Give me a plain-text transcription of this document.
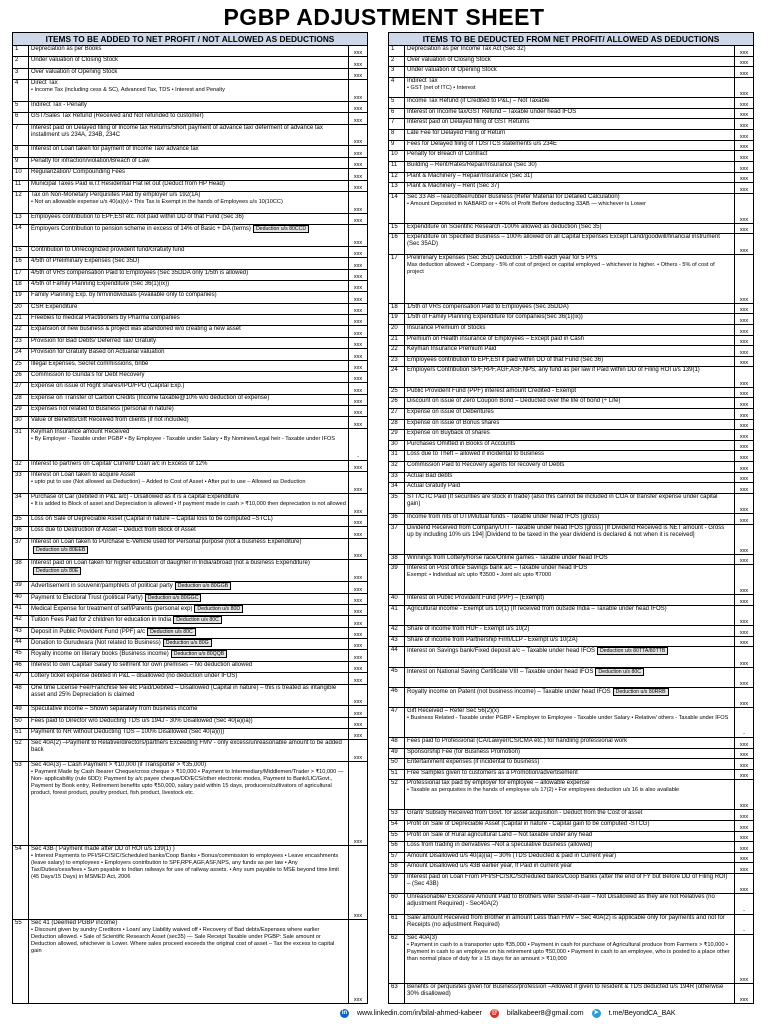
PGBP ADJUSTMENT SHEET
ITEMS TO BE ADDED TO NET PROFIT / NOT ALLOWED AS DEDUCTIONS
1	Depreciation as per Books
xxx
2	Under valuation of Closing Stock
xxx
3	Over valuation of Opening Stock
xxx
4	Direct Tax
• Income Tax (including cess & SC), Advanced Tax, TDS • Interest and Penalty
xxx
5	Indirect Tax - Penalty
xxx
6	GST/Sales Tax Refund (Received and Not refunded to customer)
xxx
7	Interest paid on Delayed filing of Income tax Returns/Short payment of advance tax/ deferment of advance tax installment u/s 234A, 234B, 234C
xxx
8	Interest on Loan taken for payment of Income Tax/ advance tax
xxx
9	Penalty for infraction/violation/Breach of Law
xxx
10	Regularization/ Compounding Fees
xxx
11	Municipal Taxes Paid w.r.t Residential Flat let out (Deduct from HP Head)
xxx
12	Tax on Non-Monetary Perquisites Paid by employer u/s 192(1A)
• Not an allowable expense u/s 40(a)(v) • This Tax is Exempt in the hands of Employees u/s 10(10CC)
xxx
13	Employees contribution to EPF,ESI etc. not paid within DD of that Fund (Sec 36)
xxx
14	Employers Contribution to pension scheme in excess of 14% of Basic + DA (terms) Deduction u/s 80CCD
xxx
15	Contribution to Unrecognized provident fund/Gratuity fund
xxx
16	4/5th of Preliminary Expenses (Sec 35D)
xxx
17	4/5th of VRS compensation Paid to Employees (Sec 35DDA only 1/5th is allowed)
xxx
18	4/5th of Family Planning Expenditure (Sec 36(1)(ix))
xxx
19	Family Planning Exp. by firm/individuals (Available only to companies)
xxx
20	CSR Expenditure
xxx
21	Freebies to medical Practitioners by Pharma companies
xxx
22	Expansion of new business & project was abandoned w/o creating a new asset
xxx
23	Provision for Bad Debts/ Deferred Tax/ Gratuity
xxx
24	Provision for Gratuity Based on Actuarial valuation
xxx
25	Illegal Expenses, Secret commissions, bribe
xxx
26	Commission to Gunda's for Debt Recovery
xxx
27	Expense on issue of Right shares/IPO/FPO (Capital Exp.)
xxx
28	Expense on Transfer of Carbon Credits (Income taxable@10% w/o deduction of expense)
xxx
29	Expenses not related to Business (personal in nature)
xxx
30	Value of Benefits/Gift Received from clients (if not included)
xxx
31	Keyman Insurance amount Received
• By Employer - Taxable under PGBP • By Employee - Taxable under Salary • By Nominee/Legal heir - Taxable under IFOS
-
32	Interest to partners on Capital/ Current/ Loan a/c in Excess of 12%
xxx
33	Interest on Loan taken to acquire Asset
• upto put to use (Not allowed as Deduction) – Added to Cost of Asset • After put to use – Allowed as Deduction
xxx
34	Purchase of Car (debited in P&L a/c) - Disallowed as it is a capital Expenditure
• It is added to Block of asset and Depreciation is allowed • If payment made in cash > ₹10,000 then depreciation is not allowed
xxx
35	Loss on Sale of Depreciable Asset (Capital in nature – Capital loss to be computed –STCL)
xxx
36	Loss due to Destruction of Asset – Deduct from Block of Asset
xxx
37	Interest on Loan taken to Purchase E-Vehicle used for Personal purpose (not a business Expenditure)Deduction u/s 80EEB
xxx
38	Interest paid on Loan taken for higher education of daughter in India/abroad (not a business Expenditure)Deduction u/s 80E
xxx
39	Advertisement in souvenir/pamphlets of political party Deduction u/s 80GGB
xxx
40	Payment to Electoral Trust (political Party) Deduction u/s 80GGC
xxx
41	Medical Expense for treatment of self/Parents (personal exp) Deduction u/s 80D
xxx
42	Tuition Fees Paid for 2 children for education in India Deduction u/s 80C
xxx
43	Deposit in Public Provident Fund (PPF) a/c Deduction u/s 80C
xxx
44	Donation to Gurudwara (Not related to Business) Deduction u/s 80G
xxx
45	Royalty income on literary books (Business income) Deduction u/s 80QQB
xxx
46	Interest to own Capital/ Salary to self/rent for own premises – No deduction allowed
xxx
47	Lottery ticket expense debited in P&L – disallowed (no deduction under IFOS)
xxx
48	One time License Fee/Franchise fee etc Paid/Debited – Disallowed (Capital in nature) – this is treated as intangible asset and 25% Depreciation is claimed
xxx
49	Speculative income – Shown separately from business income
xxx
50	Fees paid to Director w/o Deducting TDS u/s 194J - 30% Disallowed (Sec 40(a)(ia))
xxx
51	Payment to NR without Deducting TDS – 100% Disallowed (Sec 40(a)(i))
xxx
52	Sec 40A(2) –Payment to Relative/directors/partners Exceeding FMV - only excess/unreasonable amount to be added back
xxx
53	Sec 40A(3) – Cash Payment > ₹10,000 (if Transporter > ₹35,000)
• Payment Made by Cash /bearer Cheque/cross cheque > ₹10,000 • Payment to Intermediary/Middlemen/Trader > ₹10,000 — Non- applicability (rule 6DD): Payment by a/c payee cheque/DD/ECS/other electronic modes, Payment to Bank/LIC/Govt., Payment by Book entry, Retirement benefits upto ₹50,000, salary paid within 15 days, producers/cultivators of agricultural product, forest product, poultry product, fish product, livestock etc.
xxx
54	Sec 43B ( Payment made after DD of ROI u/s 139(1) )
• Interest Payments to PFI/SFC/SIC/Scheduled banks/Coop Banks • Bonus/commission to employees • Leave encashments (leave salary) to employees • Employers contribution to SPF,RPF,AGF,ASF,NPS, any funds as per law • Any Tax/Duties/cess/fees • Sum payable to Indian railways for use of railway assets. • Any sum payable to MSE beyond time limit (45 Days/15 Days) in MSMED Act, 2006
xxx
55	Sec 41 (Deemed PGBP income)
• Discount given by sundry Creditors • Loan/ any Liability waived off • Recovery of Bad debts/Expenses where earlier Deduction allowed. • Sale of Scientific Research Asset (sec35) — Sale Receipt Taxable under PGBP: Sale amount or Deduction allowed, whichever is Lower. Where sales proceed exceeds the original cost of asset – Tax the excess to capital gain
xxx
ITEMS TO BE DEDUCTED FROM NET PROFIT/ ALLOWED AS DEDUCTIONS
1	Depreciation as per Income Tax Act (Sec 32)
xxx
2	Over valuation of Closing Stock
xxx
3	Under valuation of Opening Stock
xxx
4	Indirect Tax
• GST (net of ITC) • Interest
xxx
5	Income Tax Refund (if Credited to P&L) – Not Taxable
xxx
6	Interest on Income tax/GST Refund – Taxable under head IFOS
xxx
7	Interest paid on Delayed filing of GST Returns
xxx
8	Late Fee for Delayed Filing of Return
xxx
9	Fees for Delayed filing of TDS/TCS statements u/s 234E
xxx
10	Penalty for Breach of Contract
xxx
11	Building – Rent/Rates/Repair/Insurance (Sec 30)
xxx
12	Plant & Machinery – Repair/Insurance (Sec 31)
xxx
13	Plant & Machinery – Rent (Sec 37)
xxx
14	Sec 33 AB –Tea/coffee/rubber Business (Refer Material for Detailed Calculation)
• Amount Deposited in NABARD or • 40% of Profit Before deducting 33AB — whichever is Lower
xxx
15	Expenditure on Scientific Research -100% allowed as deduction (Sec 35)
xxx
16	Expenditure on Specified Business – 100% allowed on all Capital Expenses Except Land/goodwill/financial instrument (Sec 35AD)
xxx
17	Preliminary Expenses (Sec 35D) Deduction :- 1/5th each year for 5 PYs
Max deduction allowed: • Company - 5% of cost of project or capital employed – whichever is higher. • Others - 5% of cost of project
xxx
18	1/5th of VRS compensation Paid to Employees (Sec 35DDA)
xxx
19	1/5th of Family Planning Expenditure for companies(Sec 36(1)(ix))
xxx
20	Insurance Premium of Stocks
xxx
21	Premium on Health insurance of Employees – Except paid in Cash
xxx
22	Keyman Insurance Premium Paid
xxx
23	Employees contribution to EPF,ESI if paid within DD of that Fund (Sec 36)
xxx
24	Employers Contribution SPF,RPF,AGF,ASF,NPS, any fund as per law if Paid within DD of Filing ROI u/s 139(1)
xxx
25	Public Provident Fund (PPF) interest amount Credited - Exempt
xxx
26	Discount on issue of Zero Coupon Bond – Deducted over the life of bond (÷ Life)
xxx
27	Expense on issue of Debentures
xxx
28	Expense on issue of Bonus shares
xxx
29	Expense on Buyback of shares
xxx
30	Purchases Omitted in Books of Accounts
xxx
31	Loss due to Theft – allowed if incidental to business
xxx
32	Commission Paid to Recovery agents for recovery of Debts
xxx
33	Actual Bad debts
xxx
34	Actual Gratuity Paid
xxx
35	STT/CTC Paid (If securities are stock in trade) (also this cannot be included in COA or transfer expense under capital gain)
xxx
36	Income from nits of UTI/Mutual funds - Taxable under head IFOS (gross)
xxx
37	Dividend Received from Company/UTI - Taxable under head IFOS (gross) [If Dividend Received is NET amount - Gross up by including 10% u/s 194] [Dividend to be taxed in the year dividend is declared & not when it is received]
xxx
38	Winnings from Lottery/horse race/Online games - Taxable under head IFOS
xxx
39	Interest on Post office Savings bank a/c – Taxable under head IFOS
Exempt: • Individual a/c upto ₹3500 • Joint a/c upto ₹7000
xxx
40	Interest on Public Provident Fund (PPF) – (Exempt)
xxx
41	Agricultural income - Exempt u/s 10(1) (If received from outside India – Taxable under head IFOS)
xxx
42	Share of income from HUF - Exempt u/s 10(2)
xxx
43	Share of income from Partnership Firm/LLP - Exempt u/s 10(2A)
xxx
44	Interest on Savings bank/Fixed deposit a/c – Taxable under head IFOS Deduction u/s 80TTA/80TTB
xxx
45	Interest on National Saving Certificate VIII – Taxable under head IFOS Deduction u/s 80C
xxx
46	Royalty income on Patent (not business income) – Taxable under head IFOS Deduction u/s 80RRB
xxx
47	Gift Received – Refer Sec 56(2)(x)
• Business Related - Taxable under PGBP • Employer to Employee - Taxable under Salary • Relative/ others - Taxable under IFOS
-
48	Fees paid to Professional (CA/Lawyer/CS/CMA etc.) for handling professional work
xxx
49	Sponsorship Fee (for Business Promotion)
xxx
50	Entertainment expenses (if incidental to business)
xxx
51	Free Samples given to customers as a Promotion/advertisement
xxx
52	Professional tax paid by employer for employee – allowable expense
• Taxable as perquisites in the hands of employee u/s 17(2) • For employees deduction u/s 16 is also available
xxx
53	Grant/ Subsidy Received from Govt. for asset acquisition - Deduct from the Cost of asset
xxx
54	Profit on Sale of Depreciable Asset (Capital in nature - Capital gain to be computed -STCG)
xxx
55	Profit on Sale of Rural agricultural Land – Not taxable under any head
xxx
56	Loss from trading in derivatives –Not a speculative business (allowed)
xxx
57	Amount Disallowed u/s 40(a)(ia) – 30% (TDS Deducted & paid in Current year)
xxx
58	Amount Disallowed u/s 43B earlier year, If Paid in current year
xxx
59	Interest paid on Loan From PFI/SFC/SIC/Scheduled banks/Coop Banks (after the end of FY but Before DD of Filing ROI) – (Sec 43B)
xxx
60	Unreasonable/ Excessive Amount Paid to Brothers wife/ Sister-in-law – Not Disallowed as they are not Relatives (no adjustment Required) - Sec40A(2)
-
61	Sale/ amount Received from Brother in amount Less than FMV – Sec 40A(2) is applicable only for payments and not for Receipts (no adjustment Required)
-
62	Sec 40A(3)
• Payment in cash to a transporter upto ₹35,000 • Payment in cash for purchase of Agricultural produce from Farmers > ₹10,000 • Payment in cash to an employee on his retirement upto ₹50,000 • Payment in cash to an employee, who is posted to a place other than normal place of duty for ≥ 15 days for an amount > ₹10,000
xxx
63	Benefits or perquisites given for Business/profession –Allowed if given to resident & TDS deducted u/s 194R (otherwise 30% disallowed)
xxx
in www.linkedin.com/in/bilal-ahmed-kabeer @ bilalkabeer8@gmail.com	➤ t.me/BeyondCA_BAK
